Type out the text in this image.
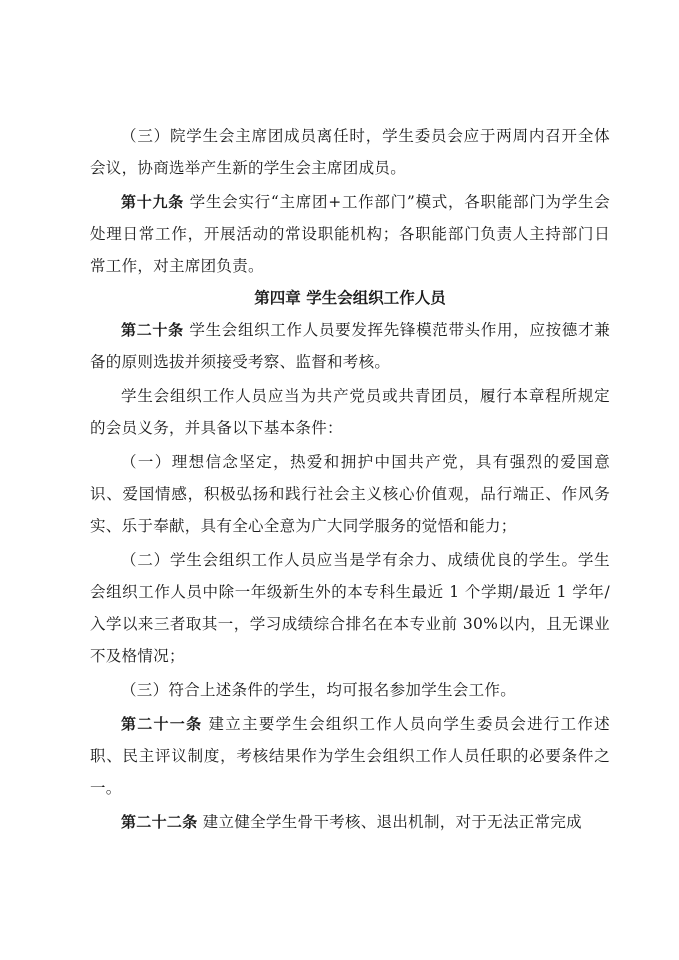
（三）院学生会主席团成员离任时，学生委员会应于两周内召开全体会议，协商选举产生新的学生会主席团成员。

第十九条 学生会实行“主席团+工作部门”模式，各职能部门为学生会处理日常工作，开展活动的常设职能机构；各职能部门负责人主持部门日常工作，对主席团负责。

第四章 学生会组织工作人员

第二十条 学生会组织工作人员要发挥先锋模范带头作用，应按德才兼备的原则选拔并须接受考察、监督和考核。

学生会组织工作人员应当为共产党员或共青团员，履行本章程所规定的会员义务，并具备以下基本条件：

（一）理想信念坚定，热爱和拥护中国共产党，具有强烈的爱国意识、爱国情感，积极弘扬和践行社会主义核心价值观，品行端正、作风务实、乐于奉献，具有全心全意为广大同学服务的觉悟和能力；

（二）学生会组织工作人员应当是学有余力、成绩优良的学生。学生会组织工作人员中除一年级新生外的本专科生最近 1 个学期/最近 1 学年/入学以来三者取其一，学习成绩综合排名在本专业前 30%以内，且无课业不及格情况；

（三）符合上述条件的学生，均可报名参加学生会工作。

第二十一条 建立主要学生会组织工作人员向学生委员会进行工作述职、民主评议制度，考核结果作为学生会组织工作人员任职的必要条件之一。

第二十二条 建立健全学生骨干考核、退出机制，对于无法正常完成
